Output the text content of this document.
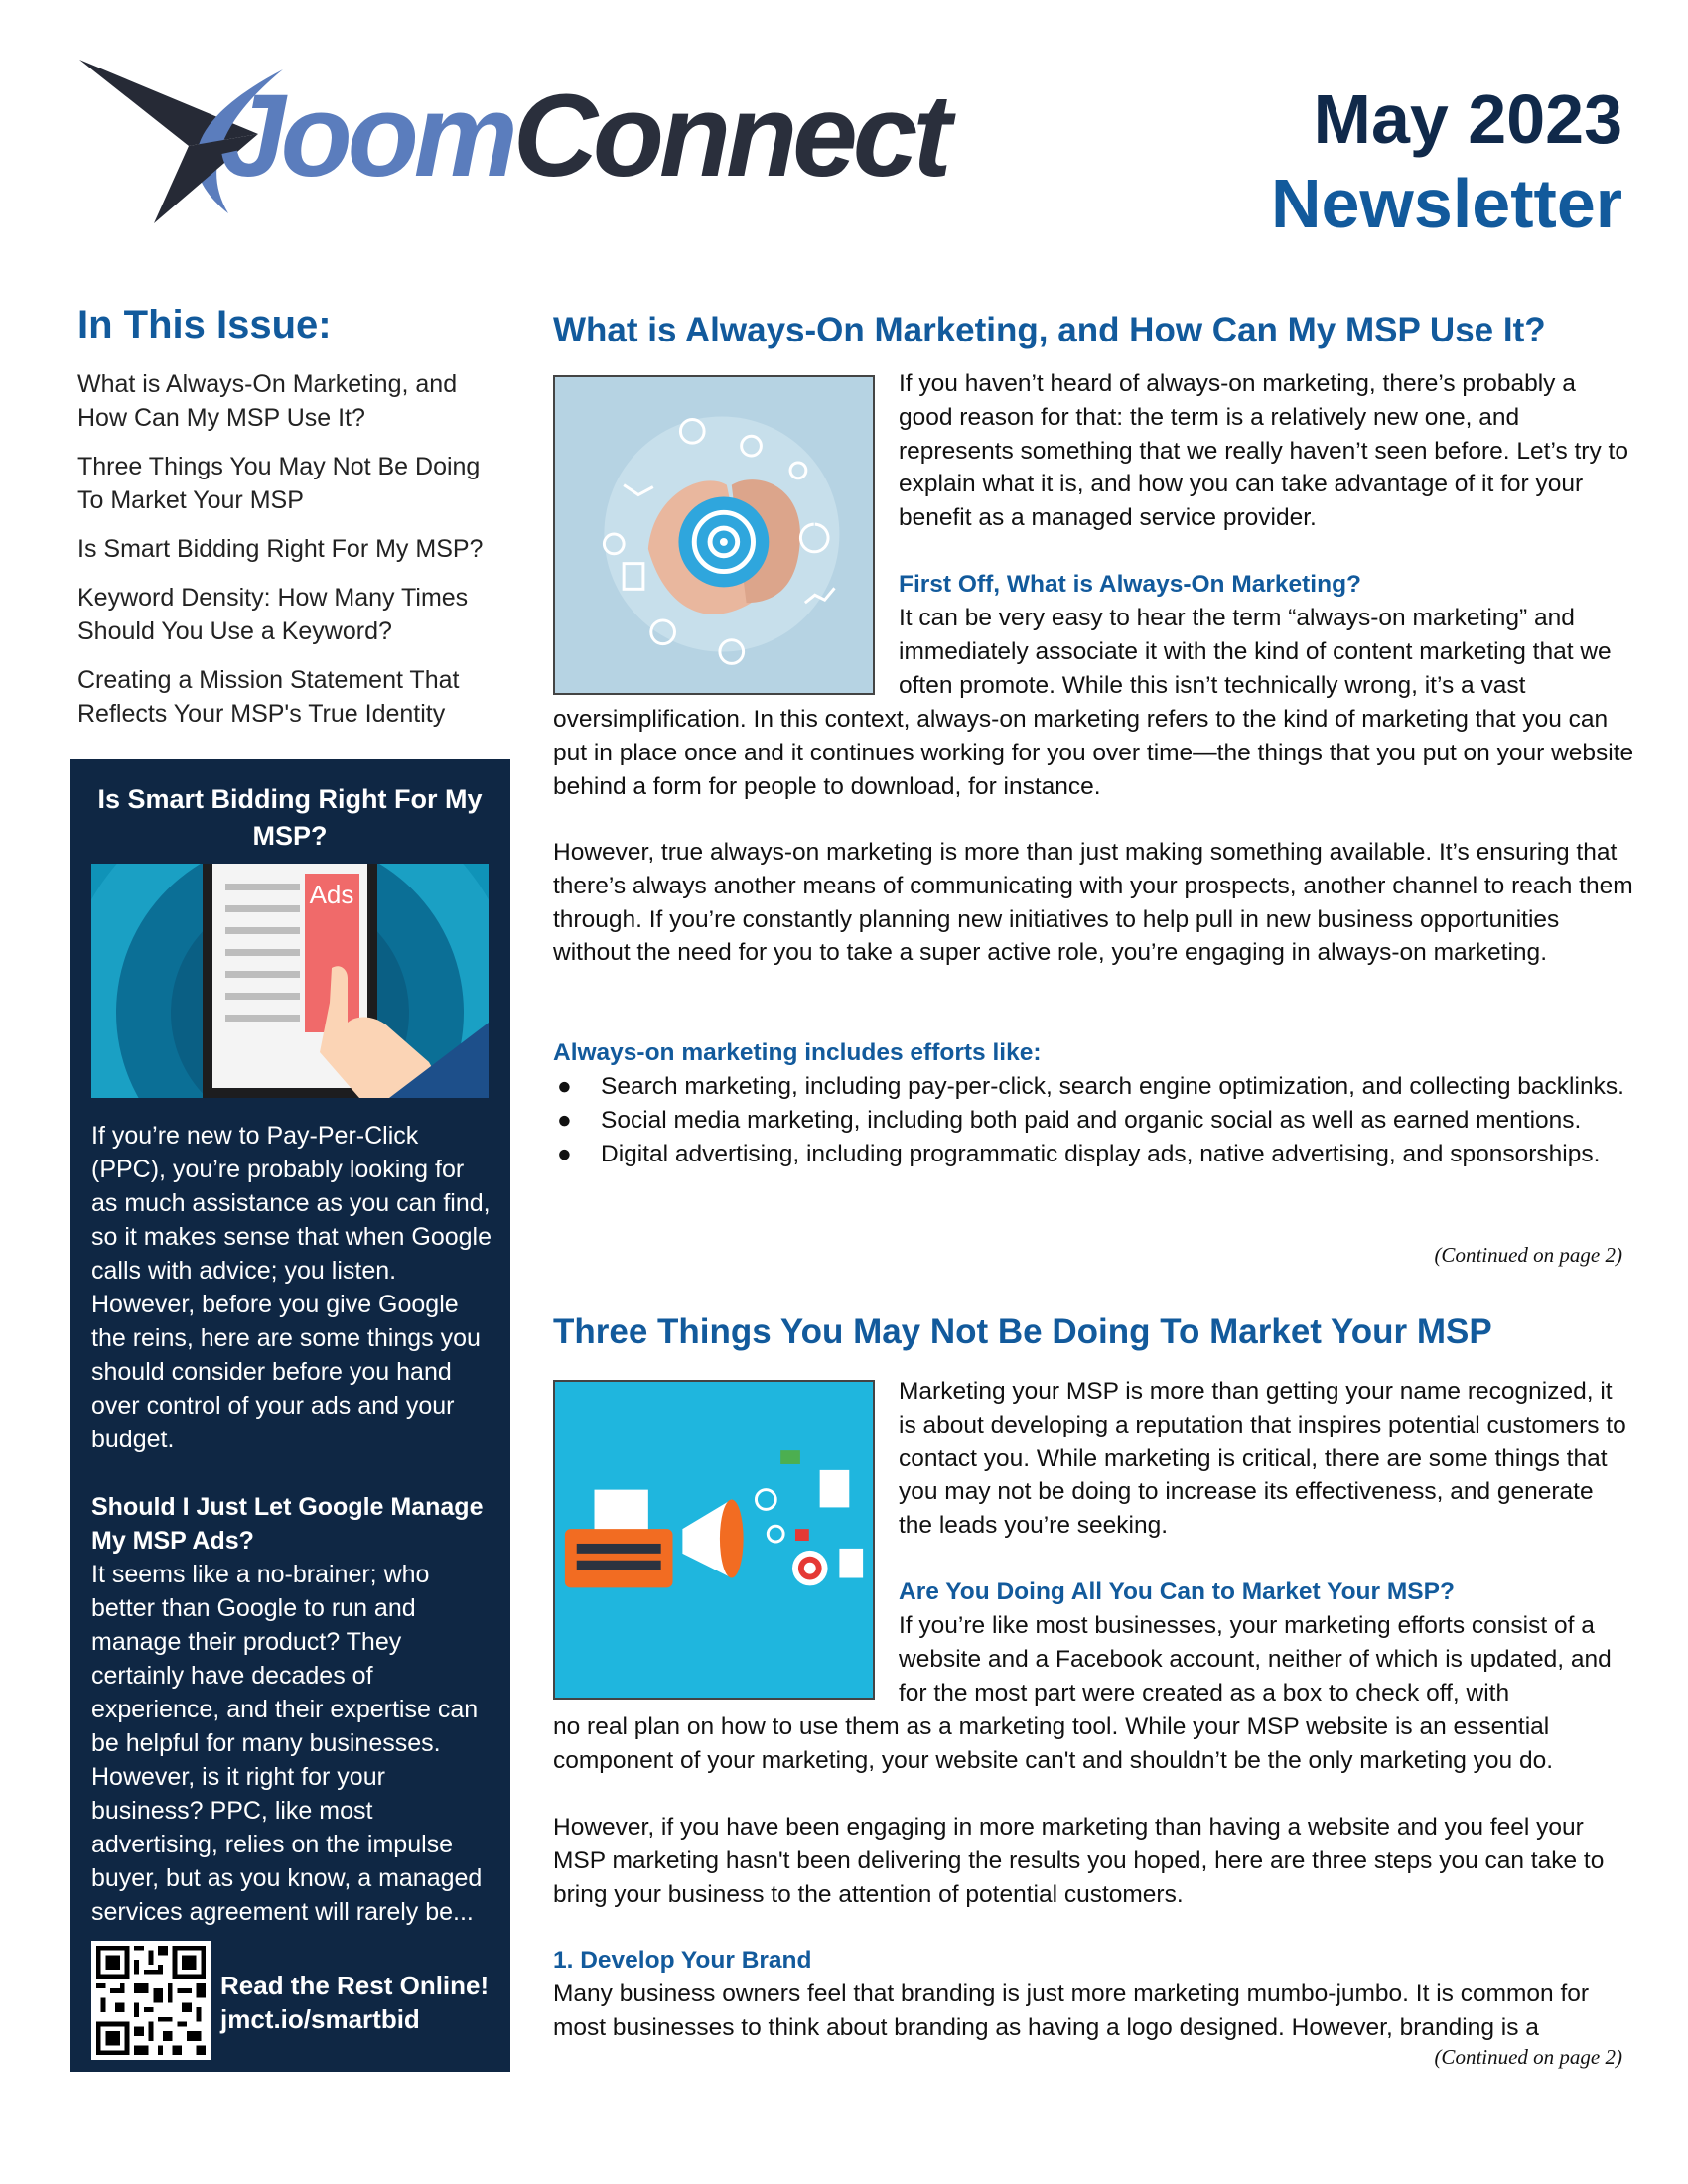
JoomConnect	May 2023
Newsletter
In This Issue:
What is Always-On Marketing, and How Can My MSP Use It?
Three Things You May Not Be Doing To Market Your MSP
Is Smart Bidding Right For My MSP?
Keyword Density: How Many Times Should You Use a Keyword?
Creating a Mission Statement That Reflects Your MSP's True Identity
Is Smart Bidding Right For My MSP?
Ads

If you’re new to Pay-Per-Click (PPC), you’re probably looking for as much assistance as you can find, so it makes sense that when Google calls with advice; you listen. However, before you give Google the reins, here are some things you should consider before you hand over control of your ads and your budget.

Should I Just Let Google Manage My MSP Ads?

It seems like a no-brainer; who better than Google to run and manage their product? They certainly have decades of experience, and their expertise can be helpful for many businesses. However, is it right for your business? PPC, like most advertising, relies on the impulse buyer, but as you know, a managed services agreement will rarely be...

Read the Rest Online!
jmct.io/smartbid
What is Always-On Marketing, and How Can My MSP Use It?
If you haven’t heard of always-on marketing, there’s probably a good reason for that: the term is a relatively new one, and represents something that we really haven’t seen before. Let’s try to explain what it is, and how you can take advantage of it for your benefit as a managed service provider.
First Off, What is Always-On Marketing?
It can be very easy to hear the term “always-on marketing” and immediately associate it with the kind of content marketing that we often promote. While this isn’t technically wrong, it’s a vast
oversimplification. In this context, always-on marketing refers to the kind of marketing that you can put in place once and it continues working for you over time—the things that you put on your website behind a form for people to download, for instance.
However, true always-on marketing is more than just making something available. It’s ensuring that there’s always another means of communicating with your prospects, another channel to reach them through. If you’re constantly planning new initiatives to help pull in new business opportunities without the need for you to take a super active role, you’re engaging in always-on marketing.
Always-on marketing includes efforts like:
● Search marketing, including pay-per-click, search engine optimization, and collecting backlinks.
● Social media marketing, including both paid and organic social as well as earned mentions.
● Digital advertising, including programmatic display ads, native advertising, and sponsorships.
(Continued on page 2)
Three Things You May Not Be Doing To Market Your MSP
Marketing your MSP is more than getting your name recognized, it is about developing a reputation that inspires potential customers to contact you. While marketing is critical, there are some things that you may not be doing to increase its effectiveness, and generate the leads you’re seeking.
Are You Doing All You Can to Market Your MSP?
If you’re like most businesses, your marketing efforts consist of a website and a Facebook account, neither of which is updated, and for the most part were created as a box to check off, with
no real plan on how to use them as a marketing tool. While your MSP website is an essential component of your marketing, your website can't and shouldn’t be the only marketing you do.
However, if you have been engaging in more marketing than having a website and you feel your MSP marketing hasn't been delivering the results you hoped, here are three steps you can take to bring your business to the attention of potential customers.
1. Develop Your Brand
Many business owners feel that branding is just more marketing mumbo-jumbo. It is common for most businesses to think about branding as having a logo designed. However, branding is a
(Continued on page 2)
